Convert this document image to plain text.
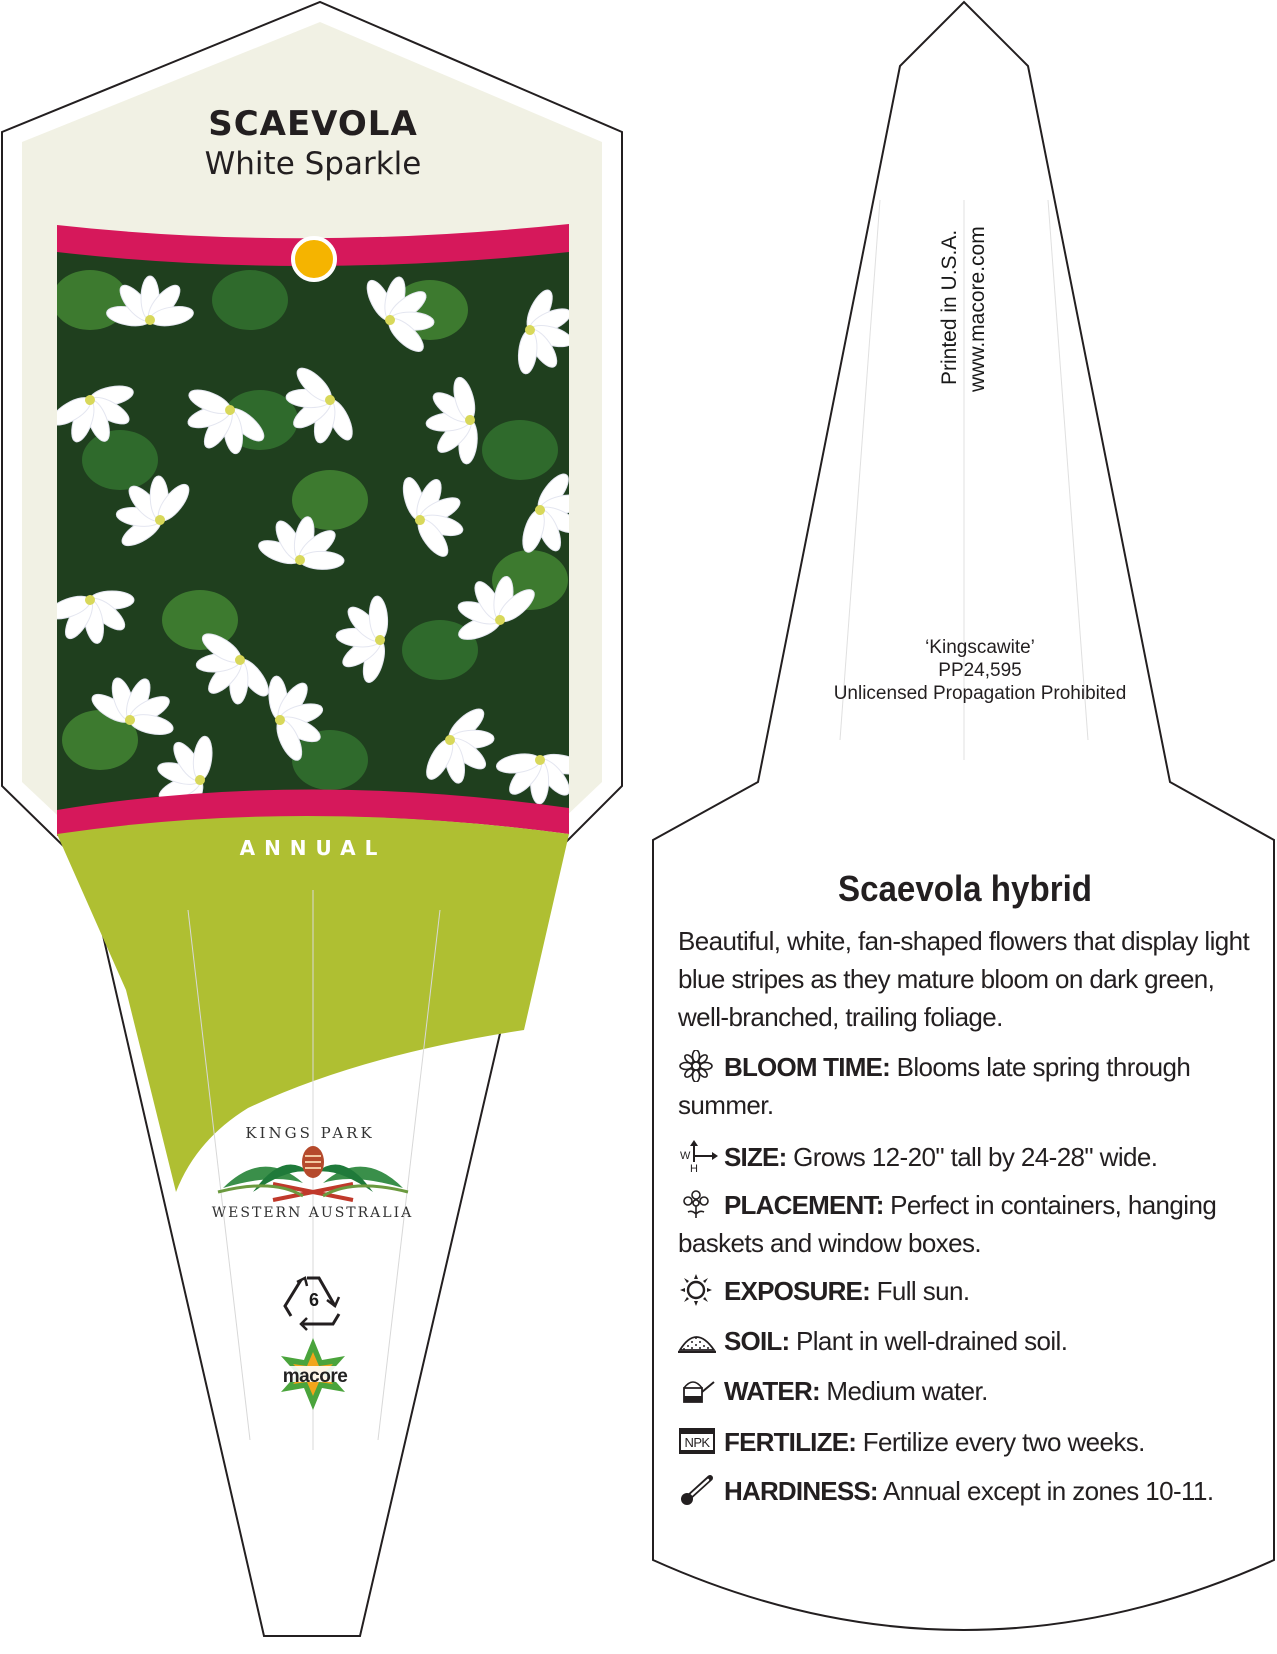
SCAEVOLA
White Sparkle
ANNUAL
KINGS PARK
WESTERN AUSTRALIA
6
macore
Printed in U.S.A. www.macore.com
‘Kingscawite’
PP24,595
Unlicensed Propagation Prohibited
Scaevola hybrid
Beautiful, white, fan-shaped flowers that display light blue stripes as they mature bloom on dark green, well-branched, trailing foliage.
BLOOM TIME: Blooms late spring through summer.
W
H SIZE: Grows 12-20" tall by 24-28" wide.
PLACEMENT: Perfect in containers, hanging baskets and window boxes.
EXPOSURE: Full sun.
SOIL: Plant in well-drained soil.
WATER: Medium water.
NPK FERTILIZE: Fertilize every two weeks.
HARDINESS: Annual except in zones 10-11.
